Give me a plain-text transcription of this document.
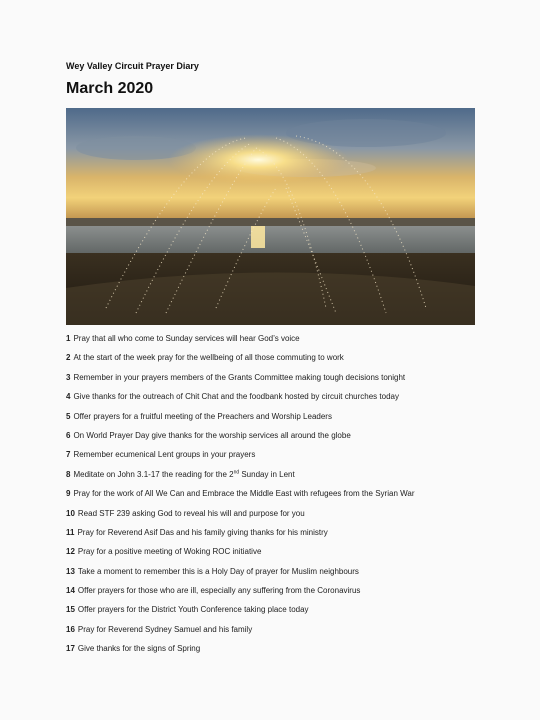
Wey Valley Circuit Prayer Diary
March 2020
1 Pray that all who come to Sunday services will hear God’s voice
2 At the start of the week pray for the wellbeing of all those commuting to work
3 Remember in your prayers members of the Grants Committee making tough decisions tonight
4 Give thanks for the outreach of Chit Chat and the foodbank hosted by circuit churches today
5 Offer prayers for a fruitful meeting of the Preachers and Worship Leaders
6 On World Prayer Day give thanks for the worship services all around the globe
7 Remember ecumenical Lent groups in your prayers
8 Meditate on John 3.1-17 the reading for the 2nd Sunday in Lent
9 Pray for the work of All We Can and Embrace the Middle East with refugees from the Syrian War
10 Read STF 239 asking God to reveal his will and purpose for you
11 Pray for Reverend Asif Das and his family giving thanks for his ministry
12 Pray for a positive meeting of Woking ROC initiative
13 Take a moment to remember this is a Holy Day of prayer for Muslim neighbours
14 Offer prayers for those who are ill, especially any suffering from the Coronavirus
15 Offer prayers for the District Youth Conference taking place today
16 Pray for Reverend Sydney Samuel and his family
17 Give thanks for the signs of Spring
